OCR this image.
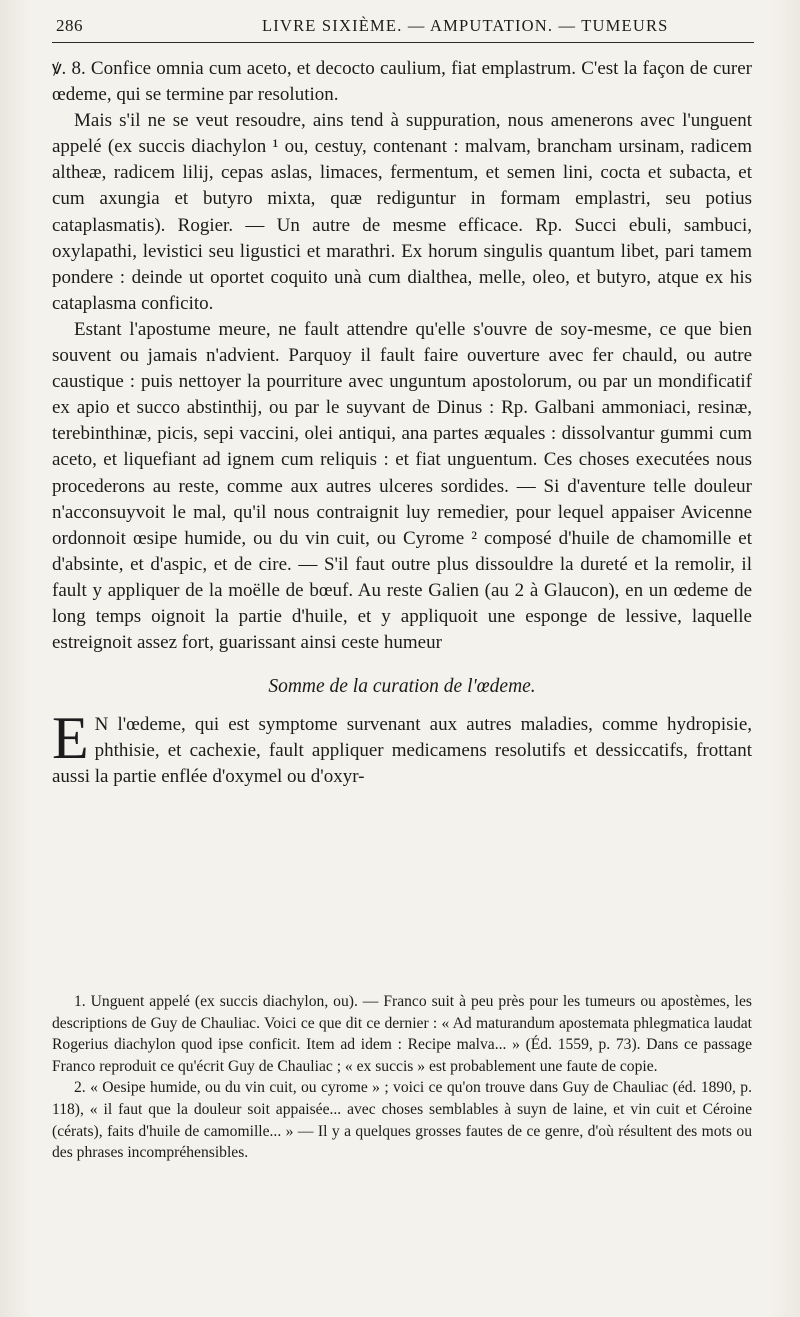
286	LIVRE SIXIÈME. — AMPUTATION. — TUMEURS

ꝟ. 8. Confice omnia cum aceto, et decocto caulium, fiat emplastrum. C'est la façon de curer œdeme, qui se termine par resolution.

Mais s'il ne se veut resoudre, ains tend à suppuration, nous amenerons avec l'unguent appelé (ex succis diachylon ¹ ou, cestuy, contenant : malvam, brancham ursinam, radicem altheæ, radicem lilij, cepas aslas, limaces, fermentum, et semen lini, cocta et subacta, et cum axungia et butyro mixta, quæ rediguntur in formam emplastri, seu potius cataplasmatis). Rogier. — Un autre de mesme efficace. Rp. Succi ebuli, sambuci, oxylapathi, levistici seu ligustici et marathri. Ex horum singulis quantum libet, pari tamem pondere : deinde ut oportet coquito unà cum dialthea, melle, oleo, et butyro, atque ex his cataplasma conficito.

Estant l'apostume meure, ne fault attendre qu'elle s'ouvre de soy-mesme, ce que bien souvent ou jamais n'advient. Parquoy il fault faire ouverture avec fer chauld, ou autre caustique : puis nettoyer la pourriture avec unguntum apostolorum, ou par un mondificatif ex apio et succo abstinthij, ou par le suyvant de Dinus : Rp. Galbani ammoniaci, resinæ, terebinthinæ, picis, sepi vaccini, olei antiqui, ana partes æquales : dissolvantur gummi cum aceto, et liquefiant ad ignem cum reliquis : et fiat unguentum. Ces choses executées nous procederons au reste, comme aux autres ulceres sordides. — Si d'aventure telle douleur n'acconsuyvoit le mal, qu'il nous contraignit luy remedier, pour lequel appaiser Avicenne ordonnoit œsipe humide, ou du vin cuit, ou Cyrome ² composé d'huile de chamomille et d'absinte, et d'aspic, et de cire. — S'il faut outre plus dissouldre la dureté et la remolir, il fault y appliquer de la moëlle de bœuf. Au reste Galien (au 2 à Glaucon), en un œdeme de long temps oignoit la partie d'huile, et y appliquoit une esponge de lessive, laquelle estreignoit assez fort, guarissant ainsi ceste humeur

Somme de la curation de l'œdeme.

E N l'œdeme, qui est symptome survenant aux autres maladies, comme hydropisie, phthisie, et cachexie, fault appliquer medicamens resolutifs et dessiccatifs, frottant aussi la partie enflée d'oxymel ou d'oxyr-

1. Unguent appelé (ex succis diachylon, ou). — Franco suit à peu près pour les tumeurs ou apostèmes, les descriptions de Guy de Chauliac. Voici ce que dit ce dernier : « Ad maturandum apostemata phlegmatica laudat Rogerius diachylon quod ipse conficit. Item ad idem : Recipe malva... » (Éd. 1559, p. 73). Dans ce passage Franco reproduit ce qu'écrit Guy de Chauliac ; « ex succis » est probablement une faute de copie.

2. « Oesipe humide, ou du vin cuit, ou cyrome » ; voici ce qu'on trouve dans Guy de Chauliac (éd. 1890, p. 118), « il faut que la douleur soit appaisée... avec choses semblables à suyn de laine, et vin cuit et Céroine (cérats), faits d'huile de camomille... » — Il y a quelques grosses fautes de ce genre, d'où résultent des mots ou des phrases incompréhensibles.
